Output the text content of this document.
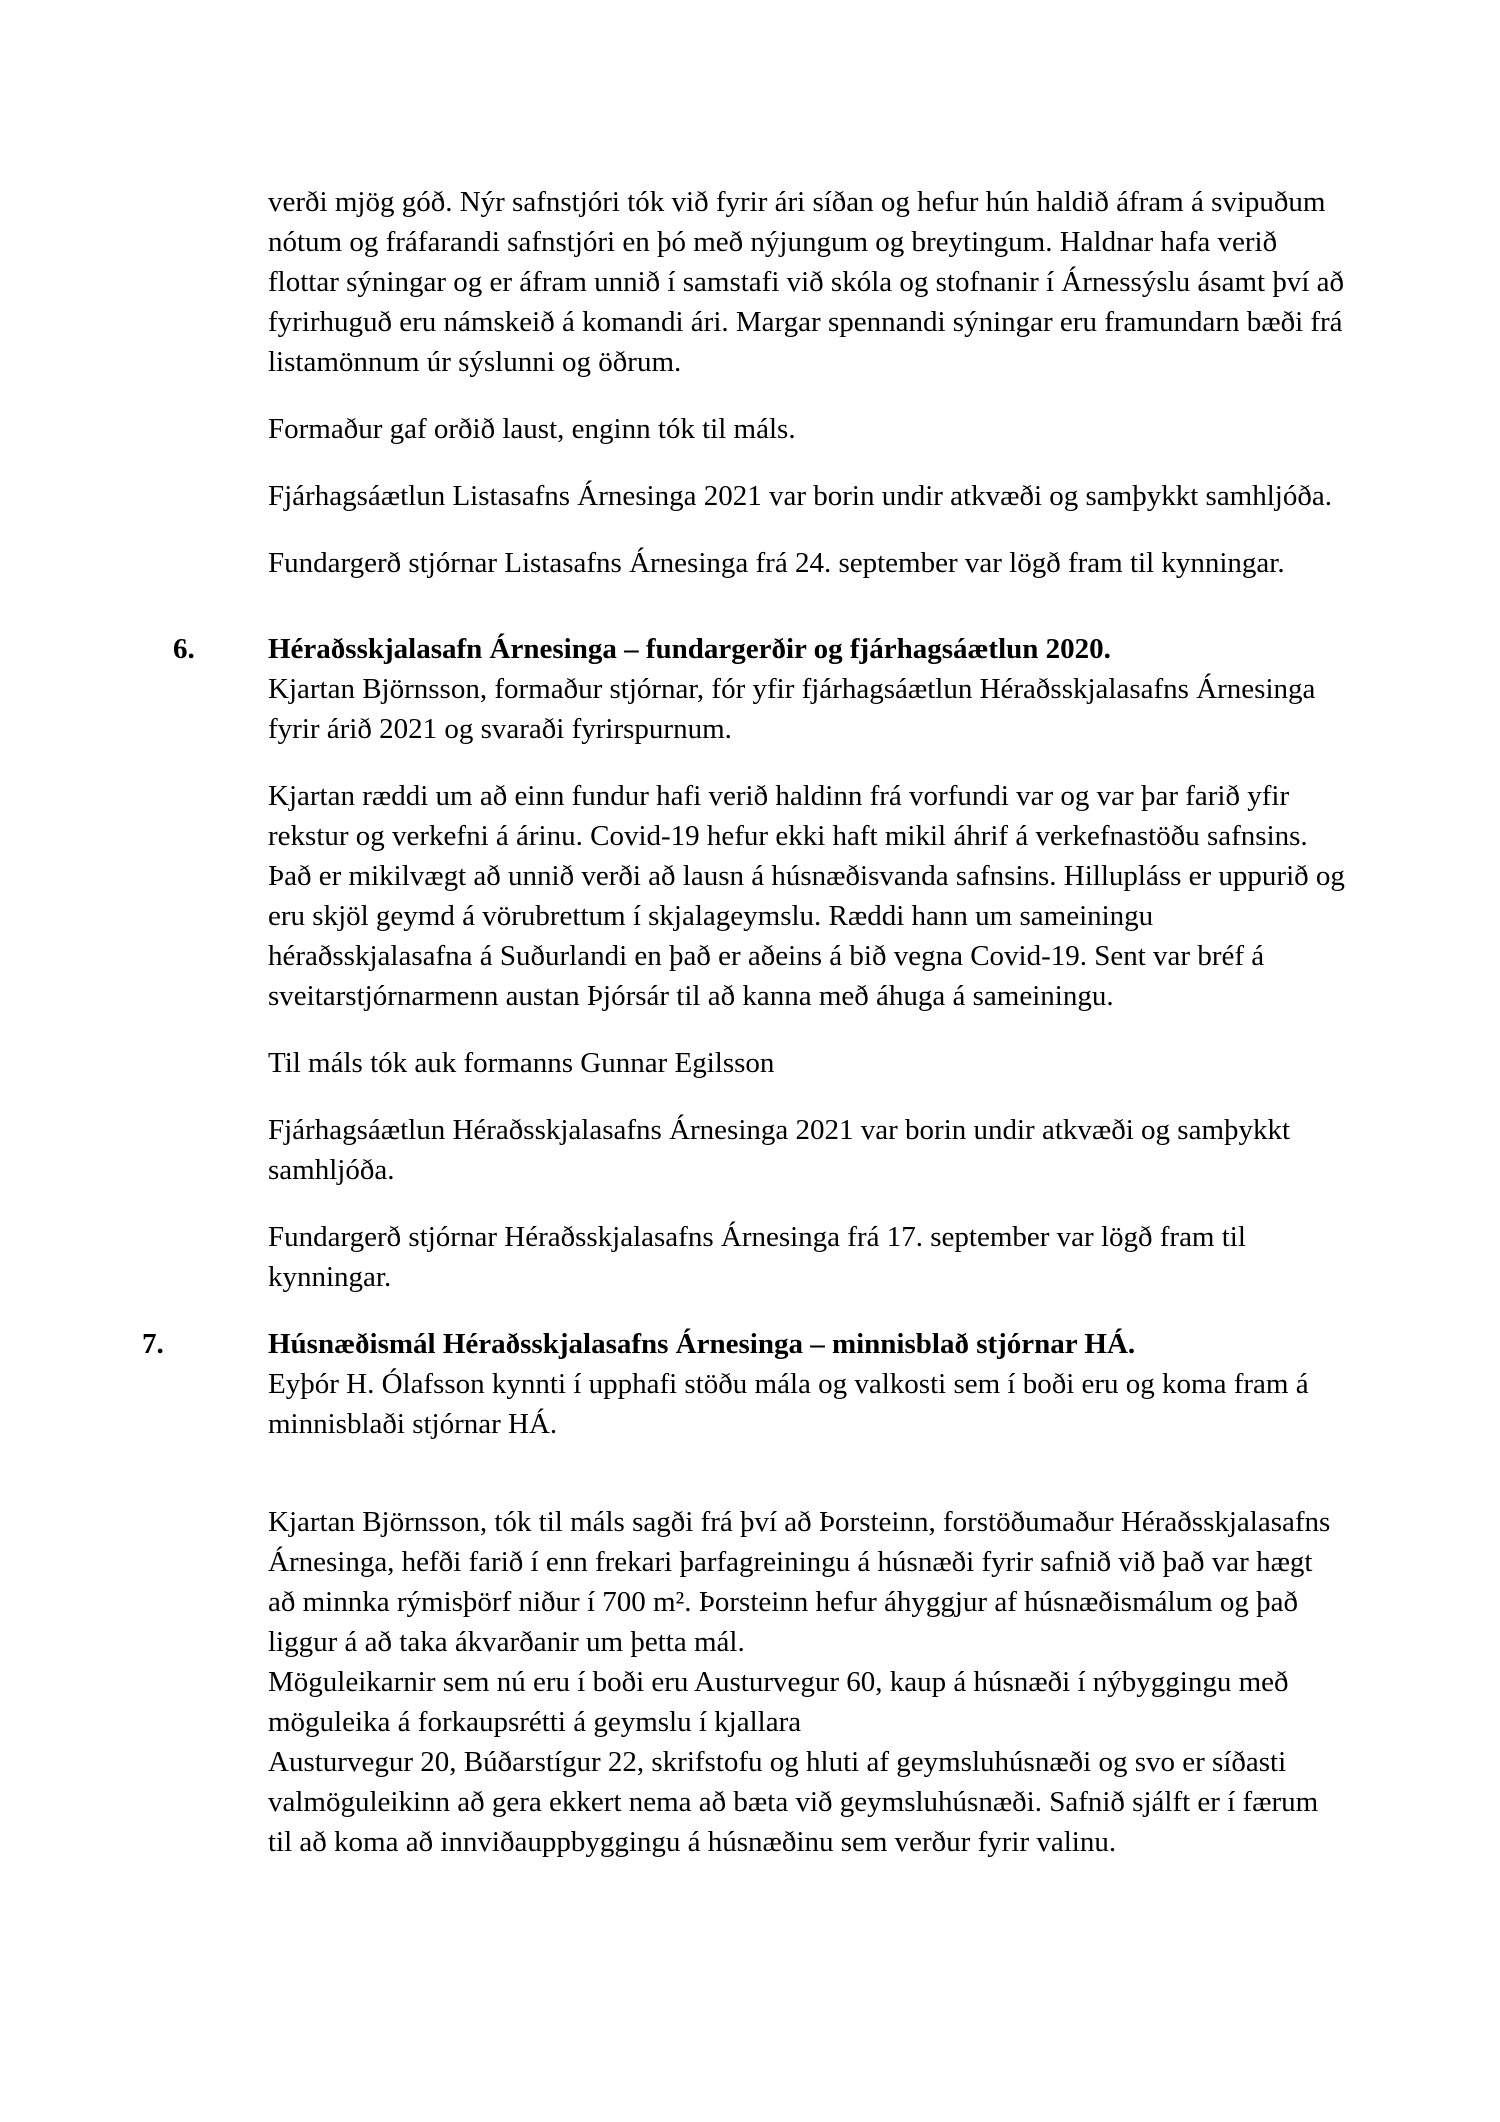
verði mjög góð. Nýr safnstjóri tók við fyrir ári síðan og hefur hún haldið áfram á svipuðum nótum og fráfarandi safnstjóri en þó með nýjungum og breytingum. Haldnar hafa verið flottar sýningar og er áfram unnið í samstafi við skóla og stofnanir í Árnessýslu ásamt því að fyrirhuguð eru námskeið á komandi ári. Margar spennandi sýningar eru framundarn bæði frá listamönnum úr sýslunni og öðrum.

Formaður gaf orðið laust, enginn tók til máls.

Fjárhagsáætlun Listasafns Árnesinga 2021 var borin undir atkvæði og samþykkt samhljóða.

Fundargerð stjórnar Listasafns Árnesinga frá 24. september var lögð fram til kynningar.

6.	Héraðsskjalasafn Árnesinga – fundargerðir og fjárhagsáætlun 2020.

Kjartan Björnsson, formaður stjórnar, fór yfir fjárhagsáætlun Héraðsskjalasafns Árnesinga  fyrir árið 2021 og svaraði fyrirspurnum.

Kjartan ræddi um að einn fundur hafi verið haldinn frá vorfundi var og var þar farið yfir rekstur og verkefni á árinu. Covid-19 hefur ekki haft mikil áhrif á verkefnastöðu safnsins. Það er mikilvægt að unnið verði að lausn á húsnæðisvanda safnsins. Hillupláss er uppurið og eru skjöl geymd á vörubrettum í skjalageymslu. Ræddi hann um sameiningu héraðsskjalasafna á Suðurlandi en það er aðeins á bið vegna Covid-19. Sent var bréf á sveitarstjórnarmenn austan Þjórsár til að kanna með áhuga á sameiningu.

Til máls tók auk formanns Gunnar Egilsson

Fjárhagsáætlun Héraðsskjalasafns Árnesinga 2021 var borin undir atkvæði og samþykkt samhljóða.

Fundargerð stjórnar Héraðsskjalasafns Árnesinga frá 17. september var lögð fram til kynningar.

7.	Húsnæðismál Héraðsskjalasafns Árnesinga – minnisblað stjórnar HÁ.

Eyþór H. Ólafsson kynnti í upphafi stöðu mála og valkosti sem í boði eru og koma fram á minnisblaði stjórnar HÁ.

Kjartan Björnsson, tók til máls sagði frá því að Þorsteinn, forstöðumaður Héraðsskjalasafns Árnesinga, hefði farið í enn frekari þarfagreiningu á húsnæði fyrir safnið við það var hægt að minnka rýmisþörf niður í 700 m². Þorsteinn hefur áhyggjur af húsnæðismálum og það liggur á að taka ákvarðanir um þetta mál.

Möguleikarnir sem nú eru í boði eru Austurvegur 60, kaup á húsnæði í nýbyggingu með möguleika á forkaupsrétti á geymslu í kjallara

Austurvegur 20, Búðarstígur 22, skrifstofu og hluti af geymsluhúsnæði og svo er síðasti valmöguleikinn að gera ekkert nema að bæta við geymsluhúsnæði. Safnið sjálft er í færum til að koma að innviðauppbyggingu á húsnæðinu sem verður fyrir valinu.
